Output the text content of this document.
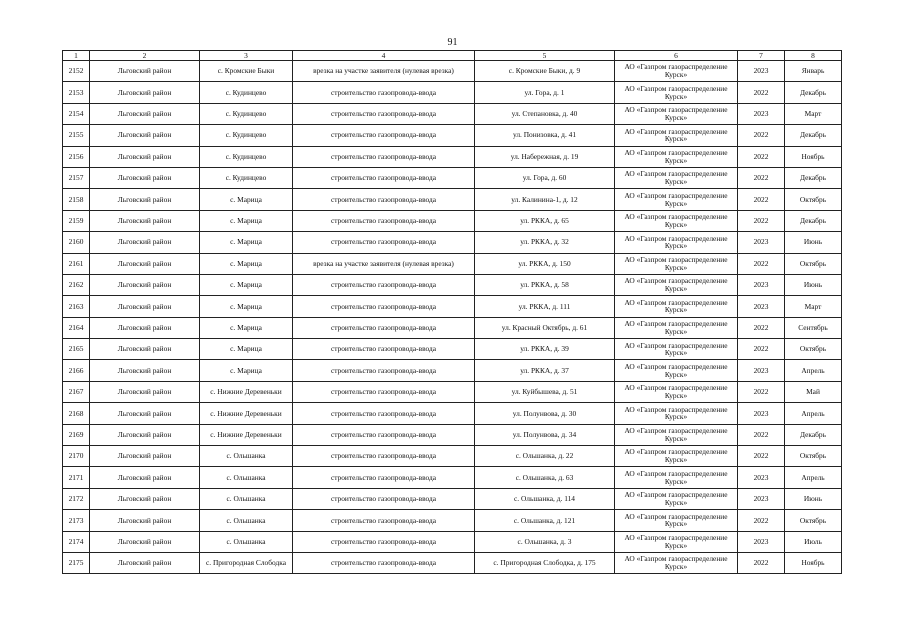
91
1	2	3	4	5	6	7	8
2152	Льговский район	с. Кромские Быки	врезка на участке заявителя (нулевая врезка)	с. Кромские Быки, д. 9	АО «Газпром газораспределение Курск»	2023	Январь
2153	Льговский район	с. Кудинцево	строительство газопровода-ввода	ул. Гора, д. 1	АО «Газпром газораспределение Курск»	2022	Декабрь
2154	Льговский район	с. Кудинцево	строительство газопровода-ввода	ул. Степановка, д. 40	АО «Газпром газораспределение Курск»	2023	Март
2155	Льговский район	с. Кудинцево	строительство газопровода-ввода	ул. Понизовка, д. 41	АО «Газпром газораспределение Курск»	2022	Декабрь
2156	Льговский район	с. Кудинцево	строительство газопровода-ввода	ул. Набережная, д. 19	АО «Газпром газораспределение Курск»	2022	Ноябрь
2157	Льговский район	с. Кудинцево	строительство газопровода-ввода	ул. Гора, д. 60	АО «Газпром газораспределение Курск»	2022	Декабрь
2158	Льговский район	с. Марица	строительство газопровода-ввода	ул. Калинина-1, д. 12	АО «Газпром газораспределение Курск»	2022	Октябрь
2159	Льговский район	с. Марица	строительство газопровода-ввода	ул. РККА, д. 65	АО «Газпром газораспределение Курск»	2022	Декабрь
2160	Льговский район	с. Марица	строительство газопровода-ввода	ул. РККА, д. 32	АО «Газпром газораспределение Курск»	2023	Июнь
2161	Льговский район	с. Марица	врезка на участке заявителя (нулевая врезка)	ул. РККА, д. 150	АО «Газпром газораспределение Курск»	2022	Октябрь
2162	Льговский район	с. Марица	строительство газопровода-ввода	ул. РККА, д. 58	АО «Газпром газораспределение Курск»	2023	Июнь
2163	Льговский район	с. Марица	строительство газопровода-ввода	ул. РККА, д. 111	АО «Газпром газораспределение Курск»	2023	Март
2164	Льговский район	с. Марица	строительство газопровода-ввода	ул. Красный Октябрь, д. 61	АО «Газпром газораспределение Курск»	2022	Сентябрь
2165	Льговский район	с. Марица	строительство газопровода-ввода	ул. РККА, д. 39	АО «Газпром газораспределение Курск»	2022	Октябрь
2166	Льговский район	с. Марица	строительство газопровода-ввода	ул. РККА, д. 37	АО «Газпром газораспределение Курск»	2023	Апрель
2167	Льговский район	с. Нижние Деревеньки	строительство газопровода-ввода	ул. Куйбышева, д. 51	АО «Газпром газораспределение Курск»	2022	Май
2168	Льговский район	с. Нижние Деревеньки	строительство газопровода-ввода	ул. Полунвова, д. 30	АО «Газпром газораспределение Курск»	2023	Апрель
2169	Льговский район	с. Нижние Деревеньки	строительство газопровода-ввода	ул. Полунвова, д. 34	АО «Газпром газораспределение Курск»	2022	Декабрь
2170	Льговский район	с. Ольшанка	строительство газопровода-ввода	с. Ольшанка, д. 22	АО «Газпром газораспределение Курск»	2022	Октябрь
2171	Льговский район	с. Ольшанка	строительство газопровода-ввода	с. Ольшанка, д. 63	АО «Газпром газораспределение Курск»	2023	Апрель
2172	Льговский район	с. Ольшанка	строительство газопровода-ввода	с. Ольшанка, д. 114	АО «Газпром газораспределение Курск»	2023	Июнь
2173	Льговский район	с. Ольшанка	строительство газопровода-ввода	с. Ольшанка, д. 121	АО «Газпром газораспределение Курск»	2022	Октябрь
2174	Льговский район	с. Ольшанка	строительство газопровода-ввода	с. Ольшанка, д. 3	АО «Газпром газораспределение Курск»	2023	Июль
2175	Льговский район	с. Пригородная Слободка	строительство газопровода-ввода	с. Пригородная Слободка, д. 175	АО «Газпром газораспределение Курск»	2022	Ноябрь
